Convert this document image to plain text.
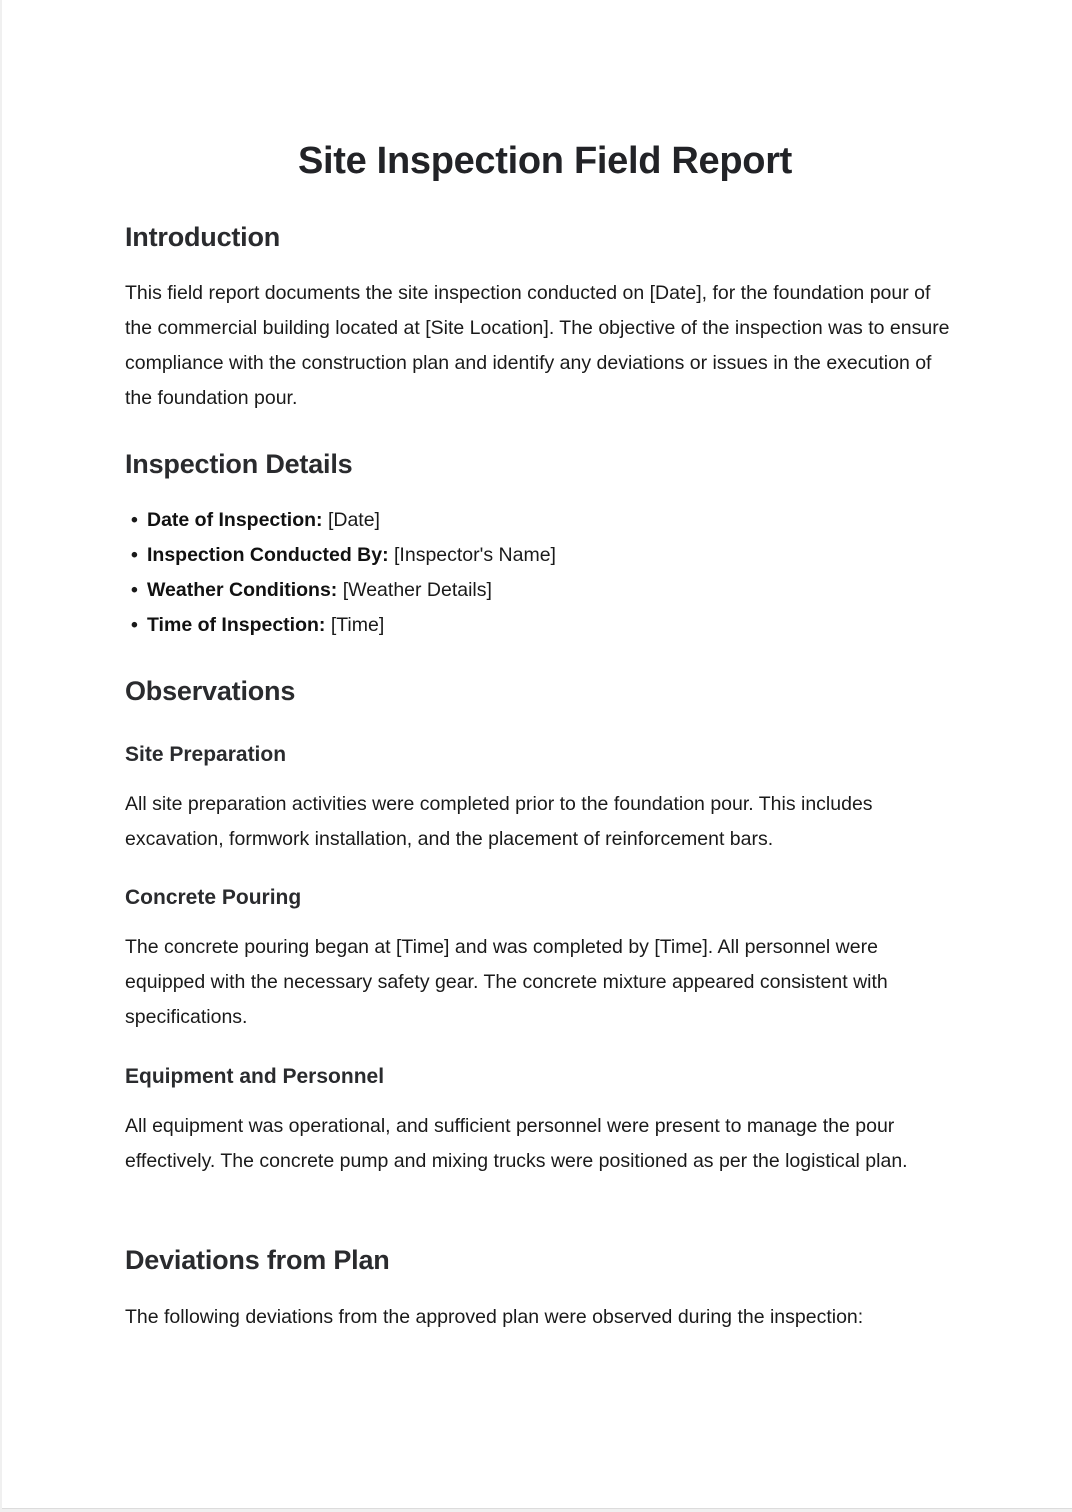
Site Inspection Field Report
Introduction

This field report documents the site inspection conducted on [Date], for the foundation pour of the commercial building located at [Site Location]. The objective of the inspection was to ensure compliance with the construction plan and identify any deviations or issues in the execution of the foundation pour.

Inspection Details
• Date of Inspection: [Date]
• Inspection Conducted By: [Inspector's Name]
• Weather Conditions: [Weather Details]
• Time of Inspection: [Time]
Observations
Site Preparation

All site preparation activities were completed prior to the foundation pour. This includes excavation, formwork installation, and the placement of reinforcement bars.

Concrete Pouring

The concrete pouring began at [Time] and was completed by [Time]. All personnel were equipped with the necessary safety gear. The concrete mixture appeared consistent with specifications.

Equipment and Personnel

All equipment was operational, and sufficient personnel were present to manage the pour effectively. The concrete pump and mixing trucks were positioned as per the logistical plan.

Deviations from Plan

The following deviations from the approved plan were observed during the inspection:
